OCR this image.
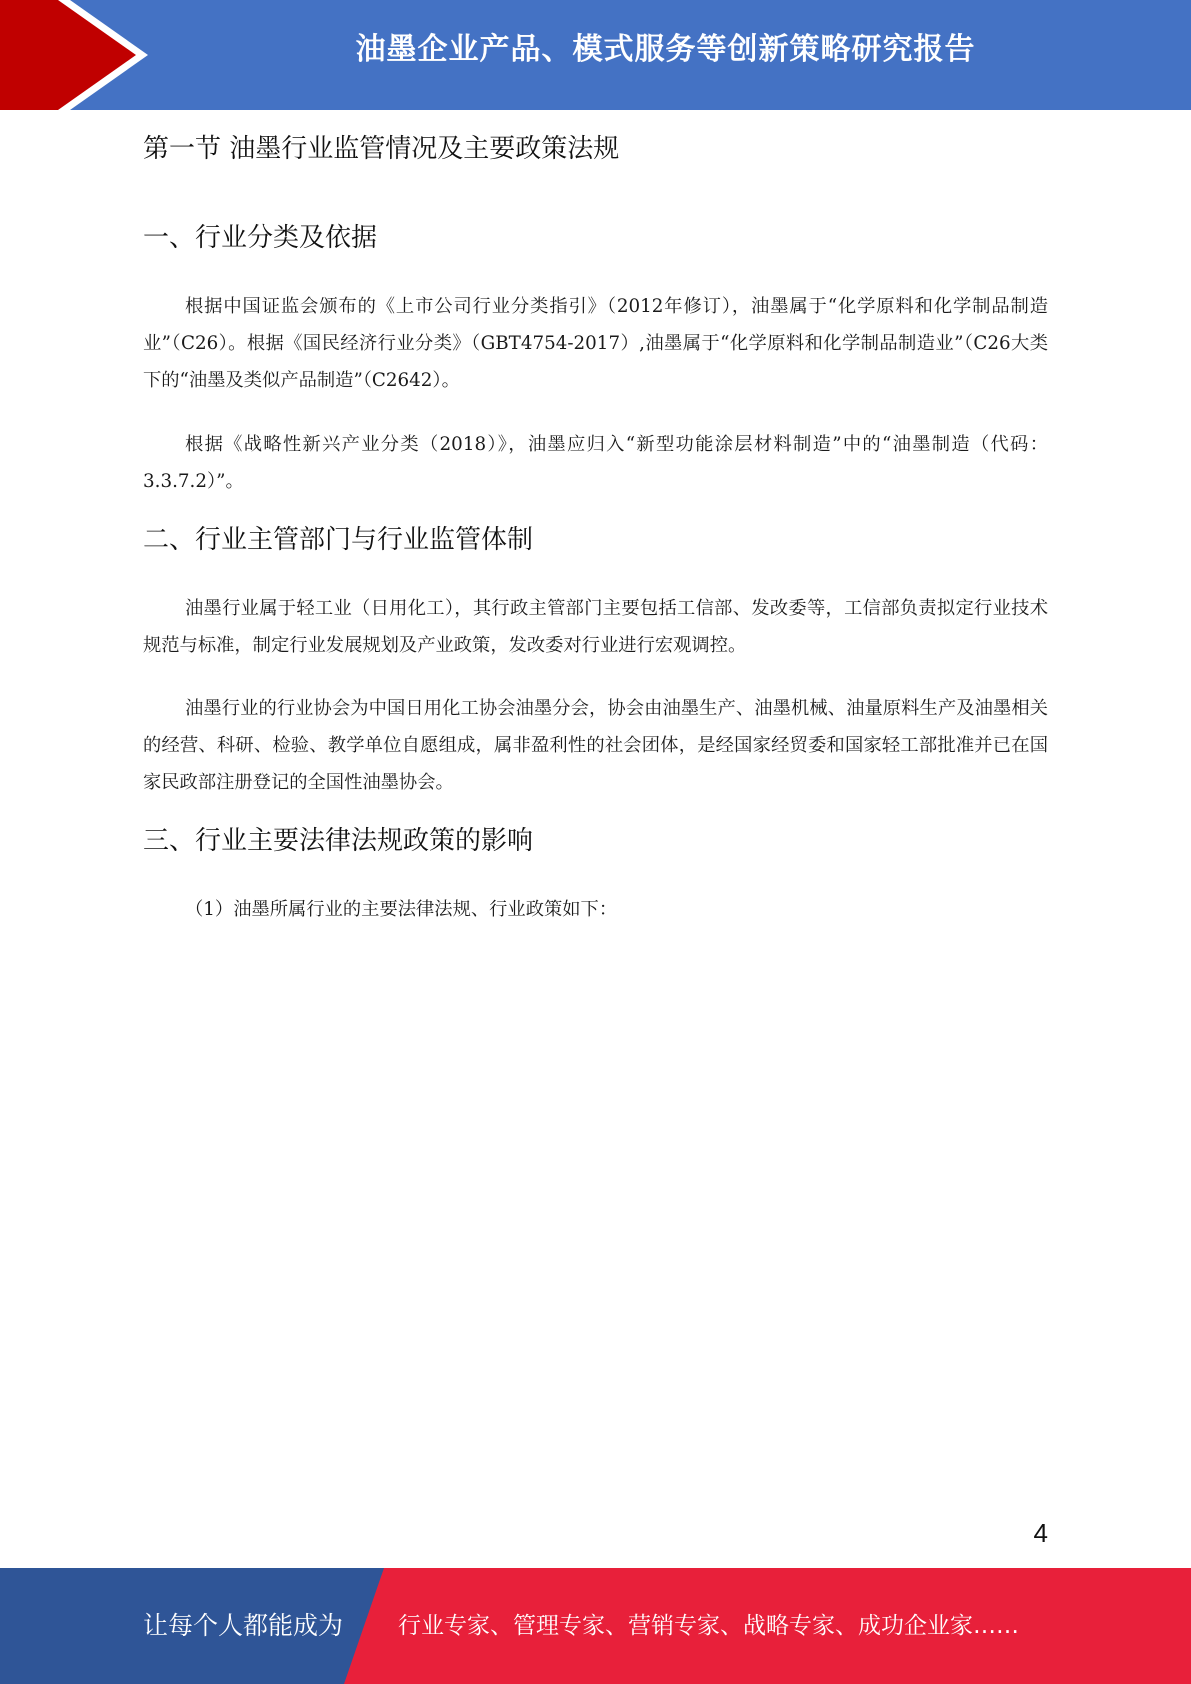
油墨企业产品、模式服务等创新策略研究报告
第一节 油墨行业监管情况及主要政策法规
一、行业分类及依据

根据中国证监会颁布的《上市公司行业分类指引》（2012年修订），油墨属于“化学原料和化学制品制造业”（C26）。根据《国民经济行业分类》（GBT4754-2017）,油墨属于“化学原料和化学制品制造业”（C26大类下的“油墨及类似产品制造”（C2642）。

根据《战略性新兴产业分类（2018）》，油墨应归入“新型功能涂层材料制造”中的“油墨制造（代码：3.3.7.2）”。

二、行业主管部门与行业监管体制

油墨行业属于轻工业（日用化工），其行政主管部门主要包括工信部、发改委等，工信部负责拟定行业技术规范与标准，制定行业发展规划及产业政策，发改委对行业进行宏观调控。

油墨行业的行业协会为中国日用化工协会油墨分会，协会由油墨生产、油墨机械、油量原料生产及油墨相关的经营、科研、检验、教学单位自愿组成，属非盈利性的社会团体，是经国家经贸委和国家轻工部批准并已在国家民政部注册登记的全国性油墨协会。

三、行业主要法律法规政策的影响

（1）油墨所属行业的主要法律法规、行业政策如下：

4
让每个人都能成为 行业专家、管理专家、营销专家、战略专家、成功企业家……
